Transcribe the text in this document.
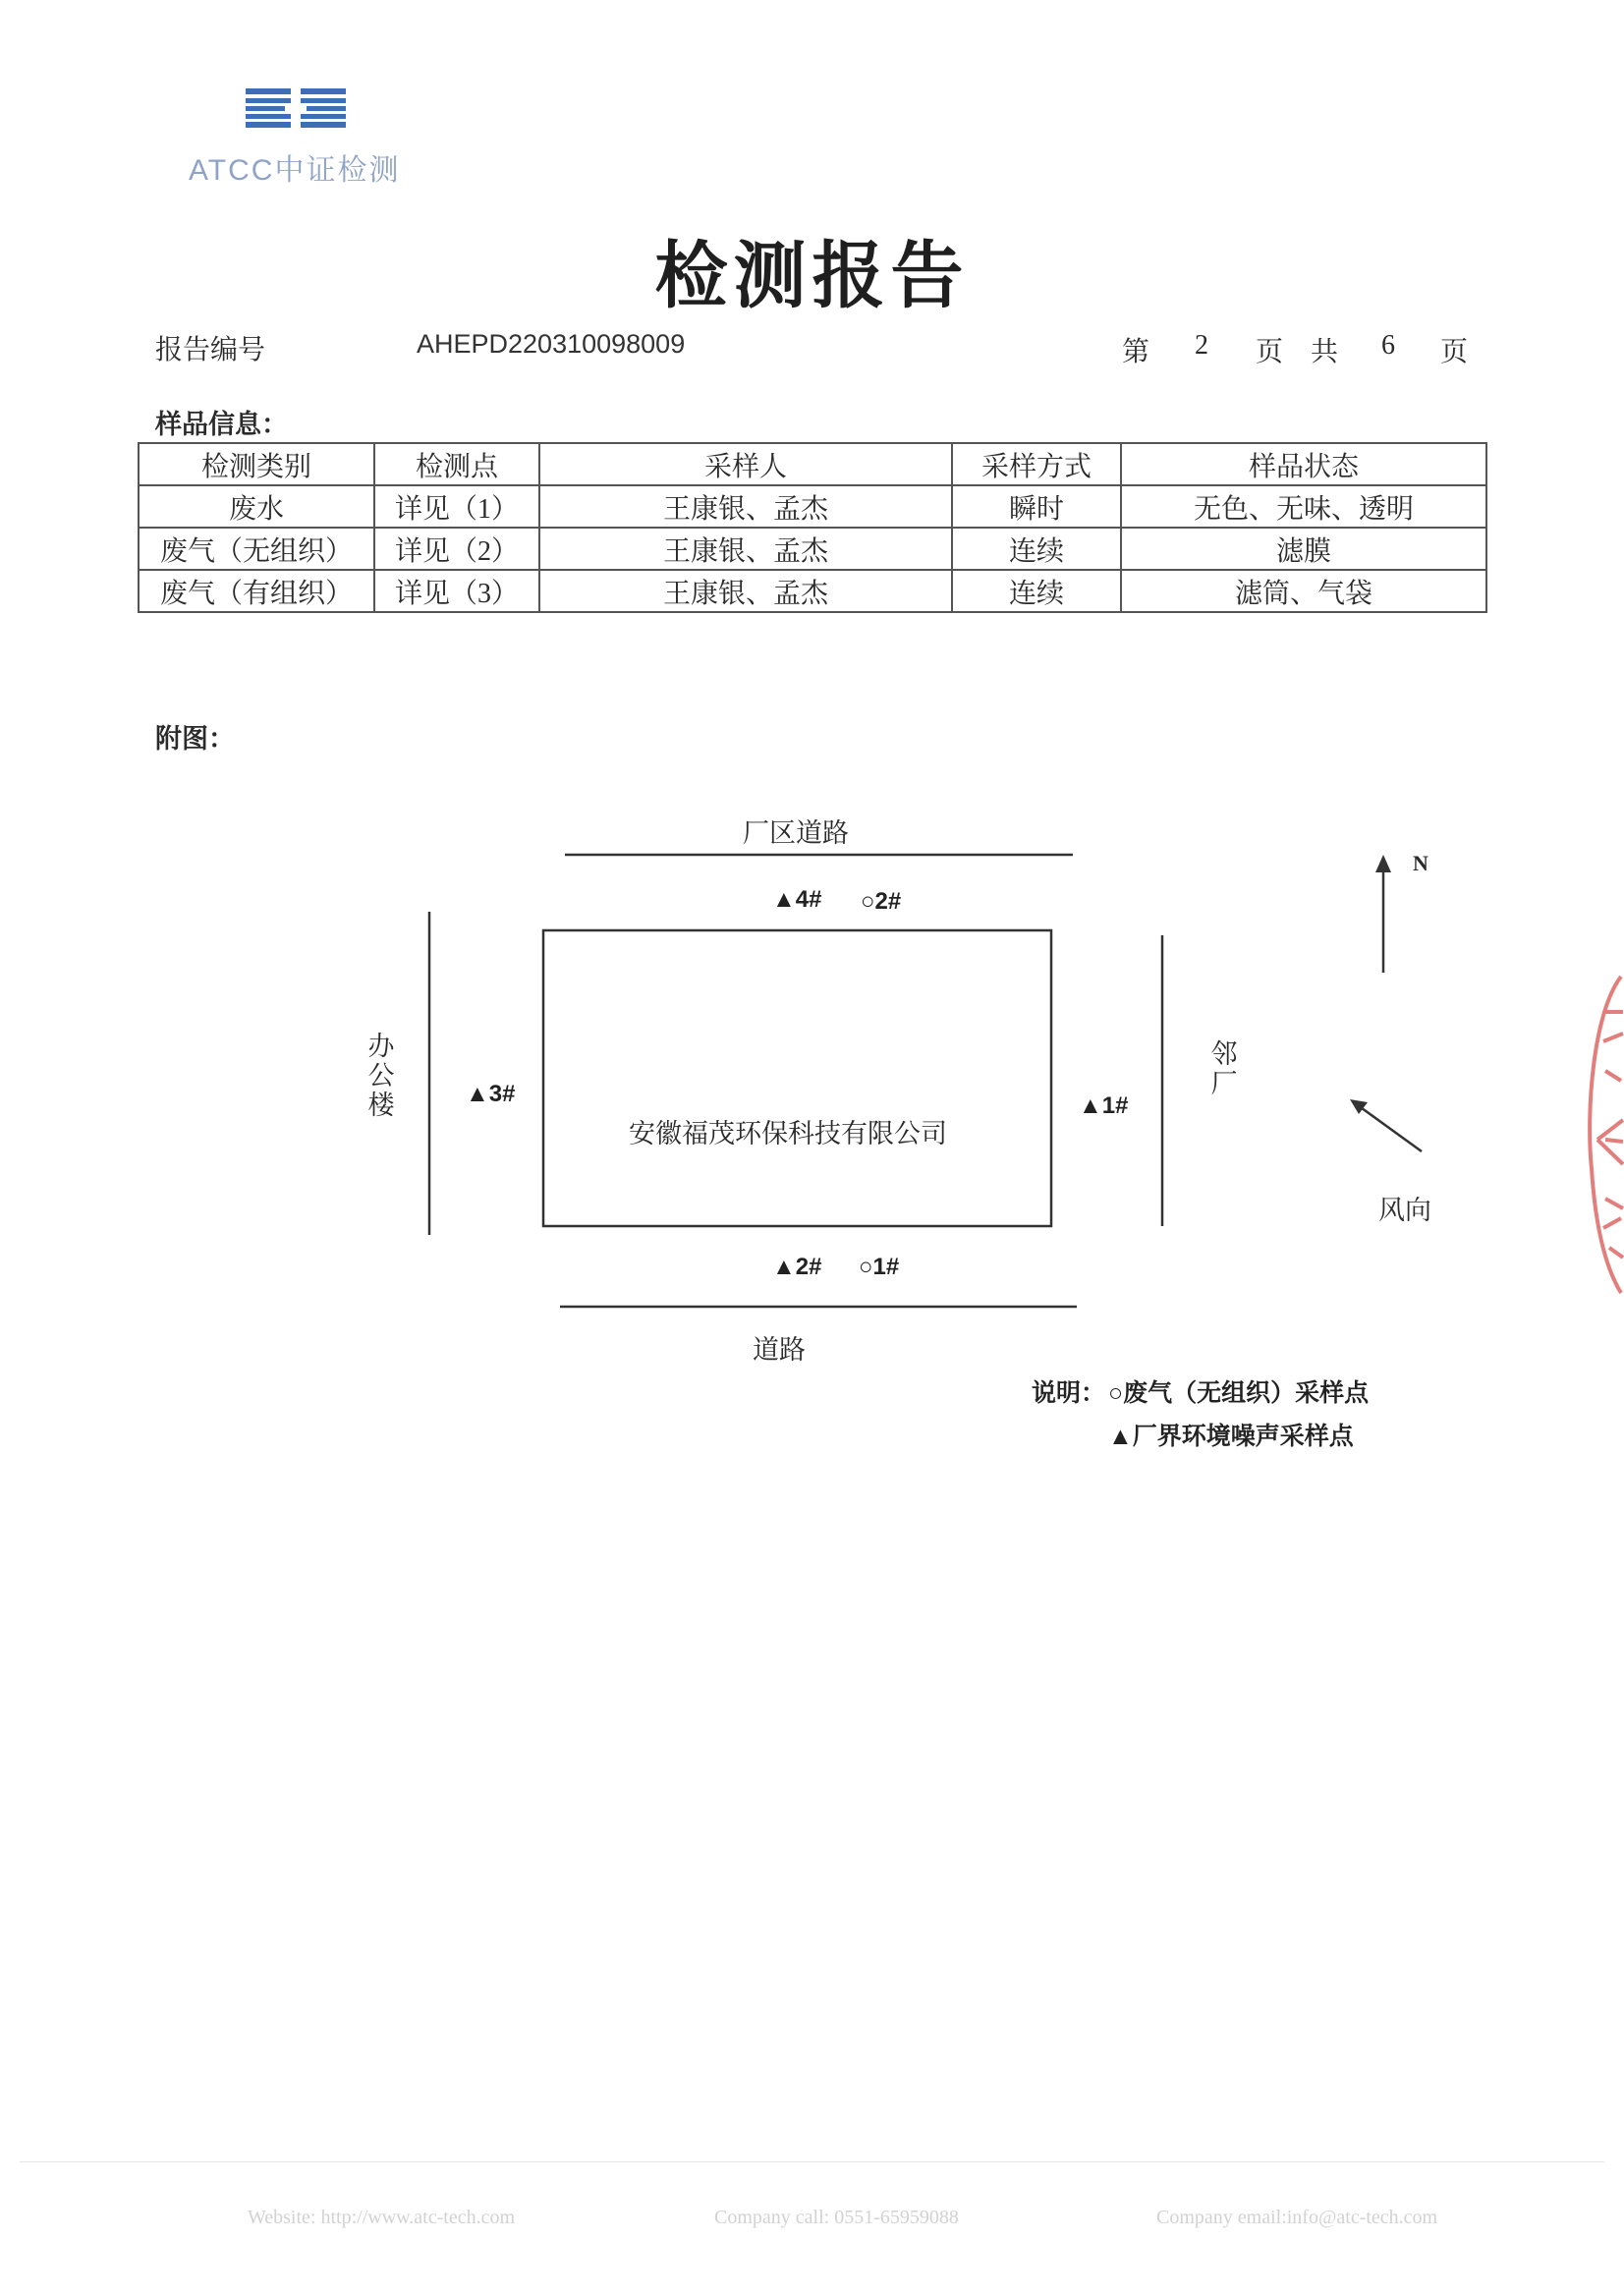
ATCC中证检测
检测报告
报告编号	AHEPD220310098009	第 2 页 共 6 页
样品信息：
检测类别	检测点	采样人	采样方式	样品状态
废水	详见（1）	王康银、孟杰	瞬时	无色、无味、透明
废气（无组织）	详见（2）	王康银、孟杰	连续	滤膜
废气（有组织）	详见（3）	王康银、孟杰	连续	滤筒、气袋
附图：
厂区道路
道路
办公楼
邻厂
安徽福茂环保科技有限公司
▲4# ○2#
▲3#	▲1#
▲2# ○1#
N
风向
说明： ○废气（无组织）采样点
▲厂界环境噪声采样点
Website: http://www.atc-tech.com	Company call: 0551-65959088	Company email:info@atc-tech.com
